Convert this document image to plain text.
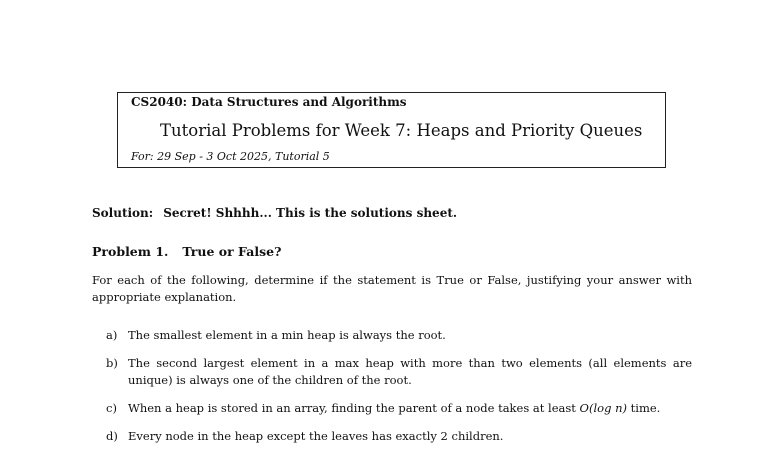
CS2040: Data Structures and Algorithms
Tutorial Problems for Week 7: Heaps and Priority Queues
For: 29 Sep - 3 Oct 2025, Tutorial 5
Solution: Secret! Shhhh... This is the solutions sheet.
Problem 1. True or False?
For each of the following, determine if the statement is True or False, justifying your answer with appropriate explanation.
a) The smallest element in a min heap is always the root.
b) The second largest element in a max heap with more than two elements (all elements are unique) is always one of the children of the root.
c) When a heap is stored in an array, finding the parent of a node takes at least O(log n) time.
d) Every node in the heap except the leaves has exactly 2 children.
